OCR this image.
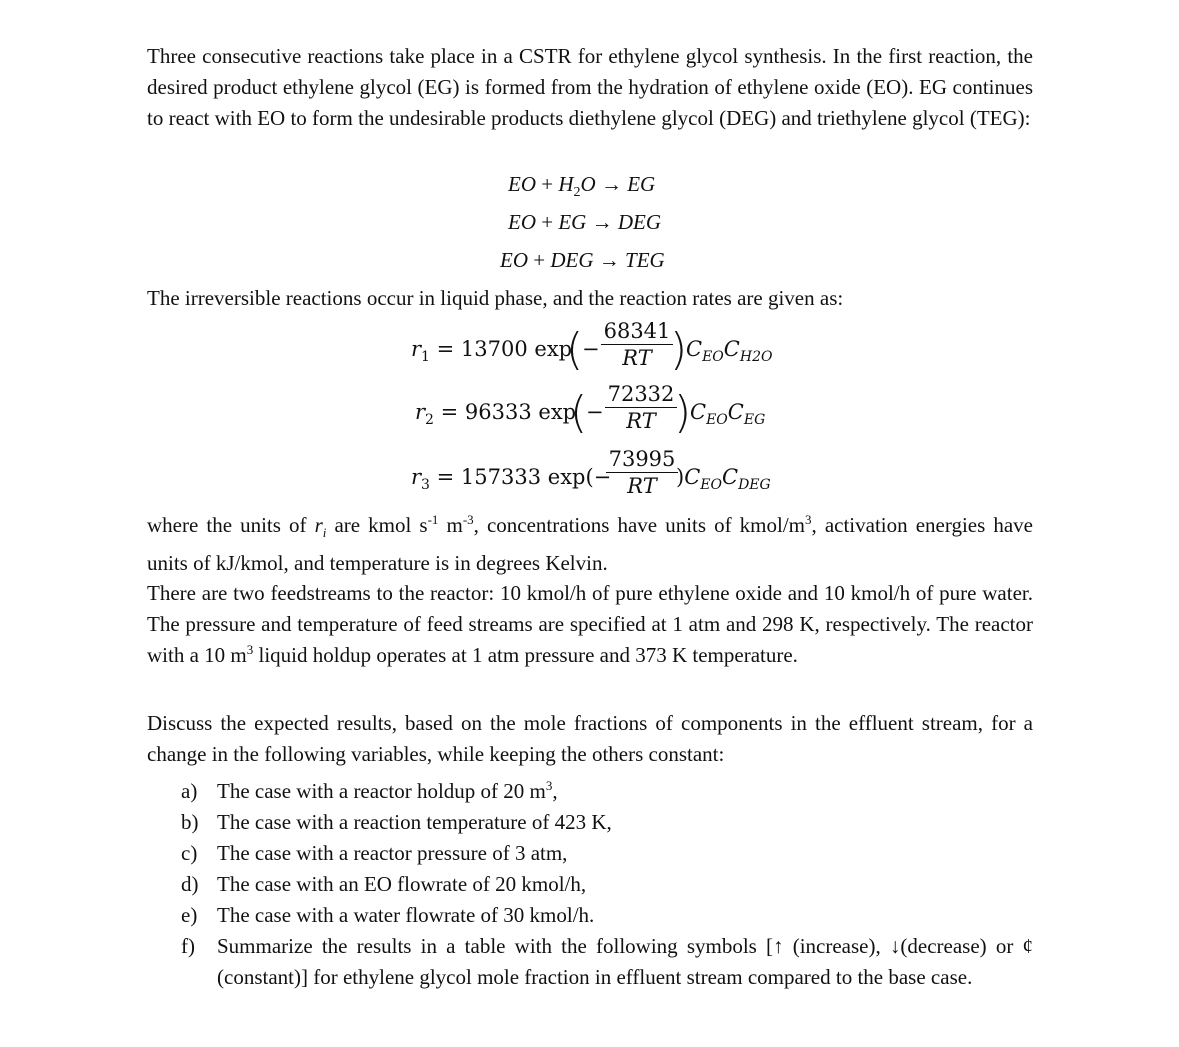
Three consecutive reactions take place in a CSTR for ethylene glycol synthesis. In the first reaction, the desired product ethylene glycol (EG) is formed from the hydration of ethylene oxide (EO). EG continues to react with EO to form the undesirable products diethylene glycol (DEG) and triethylene glycol (TEG):

EO + $H_2O$ → EG
EO + EG → DEG
EO + DEG → TEG

The irreversible reactions occur in liquid phase, and the reaction rates are given as:

$r_1 = 13700$ exp
(
−
68341
RT )
$C_{EO}C_{H2O}$
$r_2 = 96333$ exp
(
−
72332
RT )
$C_{EO}C_{EG}$
$r_3 = 157333$ exp(−
73995
RT )$C_{EO}C_{DEG}$

where the units of $r_i$ are kmol $s^{-1}$ $m^{-3}$, concentrations have units of kmol/$m^3$, activation energies have units of kJ/kmol, and temperature is in degrees Kelvin.

There are two feedstreams to the reactor: 10 kmol/h of pure ethylene oxide and 10 kmol/h of pure water. The pressure and temperature of feed streams are specified at 1 atm and 298 K, respectively. The reactor with a 10 $m^3$ liquid holdup operates at 1 atm pressure and 373 K temperature.

Discuss the expected results, based on the mole fractions of components in the effluent stream, for a change in the following variables, while keeping the others constant:

a) The case with a reactor holdup of 20 $m^3$,
b) The case with a reaction temperature of 423 K,
c) The case with a reactor pressure of 3 atm,
d) The case with an EO flowrate of 20 kmol/h,
e) The case with a water flowrate of 30 kmol/h.
f) Summarize the results in a table with the following symbols [↑ (increase), ↓(decrease) or ¢(constant)] for ethylene glycol mole fraction in effluent stream compared to the base case.
